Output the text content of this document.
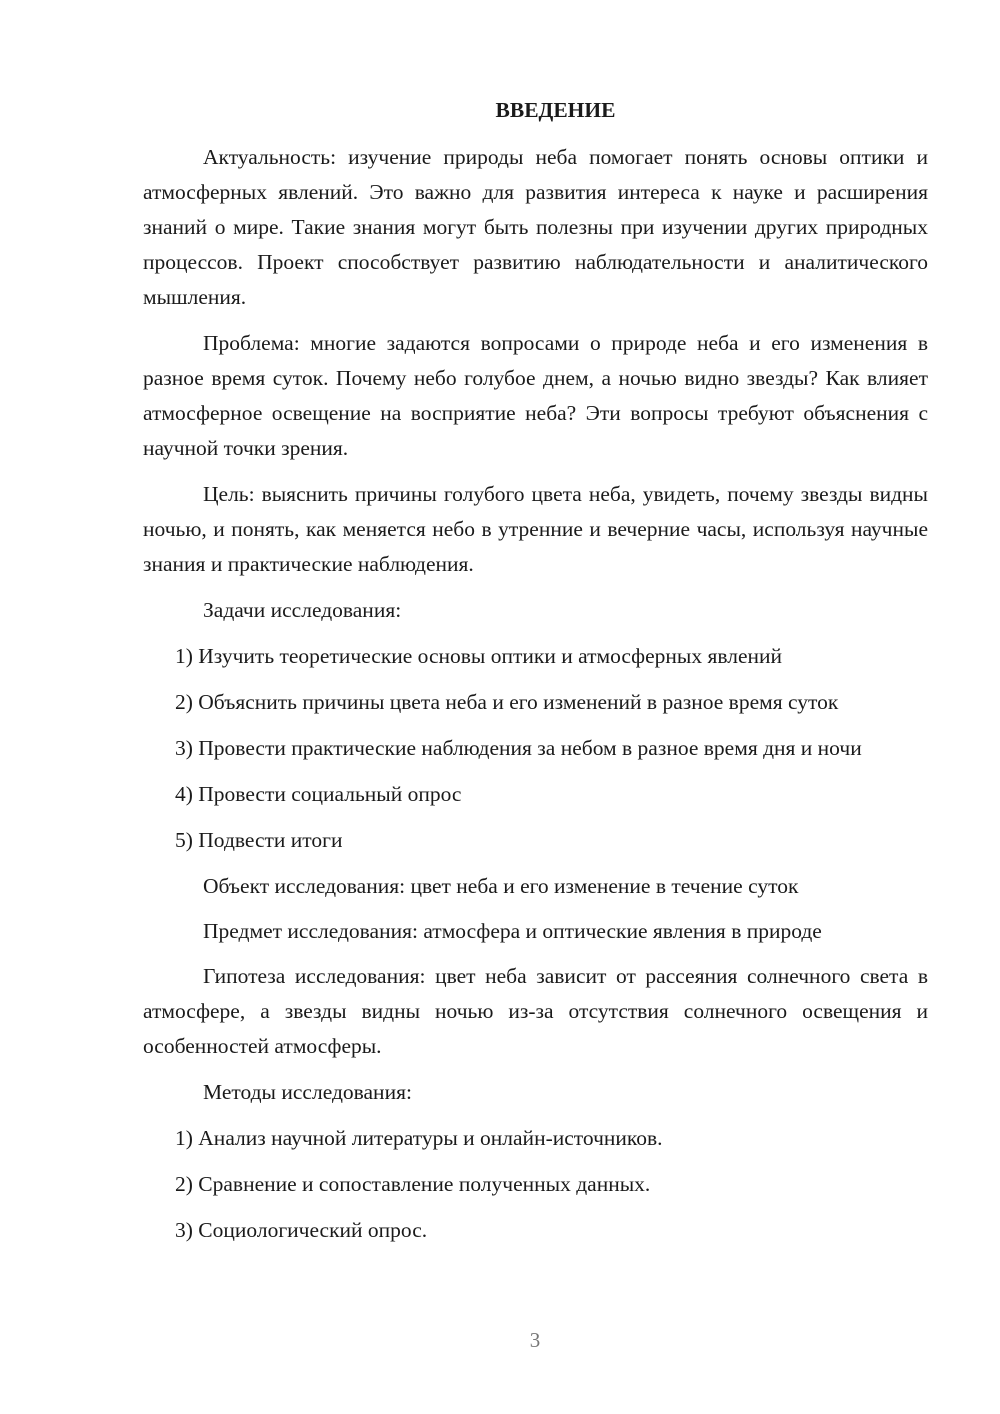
ВВЕДЕНИЕ

Актуальность: изучение природы неба помогает понять основы оптики и атмосферных явлений. Это важно для развития интереса к науке и расширения знаний о мире. Такие знания могут быть полезны при изучении других природных процессов. Проект способствует развитию наблюдательности и аналитического мышления.

Проблема: многие задаются вопросами о природе неба и его изменения в разное время суток. Почему небо голубое днем, а ночью видно звезды? Как влияет атмосферное освещение на восприятие неба? Эти вопросы требуют объяснения с научной точки зрения.

Цель: выяснить причины голубого цвета неба, увидеть, почему звезды видны ночью, и понять, как меняется небо в утренние и вечерние часы, используя научные знания и практические наблюдения.

Задачи исследования:

1) Изучить теоретические основы оптики и атмосферных явлений

2) Объяснить причины цвета неба и его изменений в разное время суток

3) Провести практические наблюдения за небом в разное время дня и ночи

4) Провести социальный опрос

5) Подвести итоги

Объект исследования: цвет неба и его изменение в течение суток

Предмет исследования: атмосфера и оптические явления в природе

Гипотеза исследования: цвет неба зависит от рассеяния солнечного света в атмосфере, а звезды видны ночью из-за отсутствия солнечного освещения и особенностей атмосферы.

Методы исследования:

1) Анализ научной литературы и онлайн-источников.

2) Сравнение и сопоставление полученных данных.

3) Социологический опрос.

3
